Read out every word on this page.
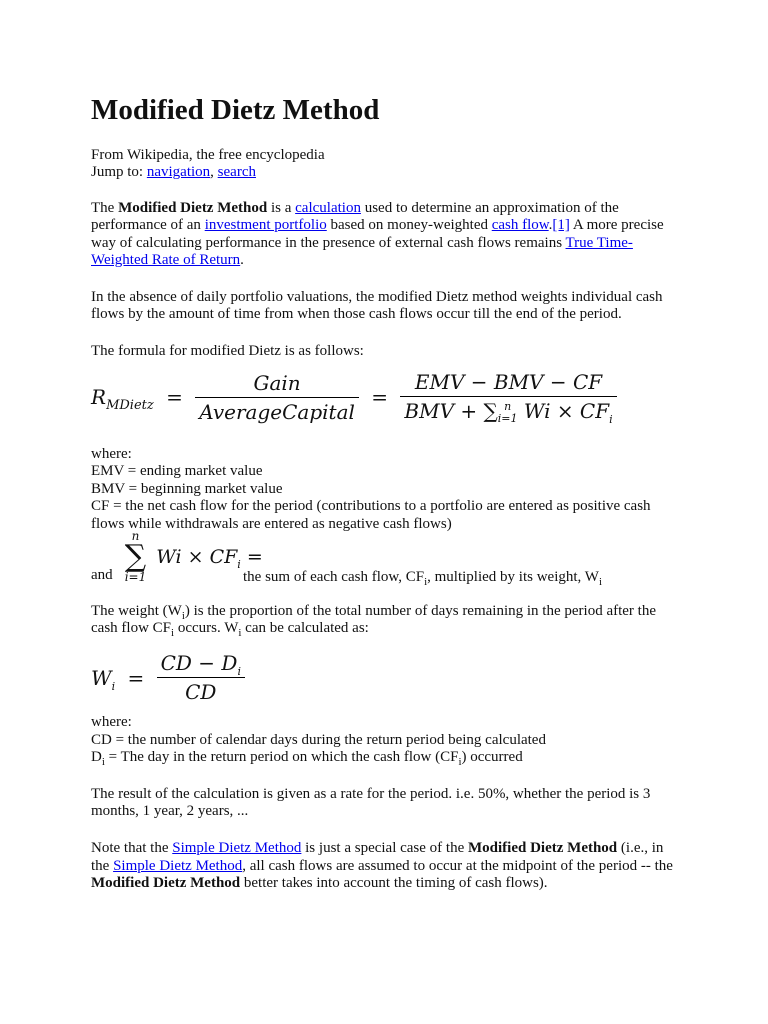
Modified Dietz Method

From Wikipedia, the free encyclopedia

Jump to: navigation, search

The Modified Dietz Method is a calculation used to determine an approximation of the

performance of an investment portfolio based on money-weighted cash flow.[1] A more precise

way of calculating performance in the presence of external cash flows remains True Time-

Weighted Rate of Return.

In the absence of daily portfolio valuations, the modified Dietz method weights individual cash

flows by the amount of time from when those cash flows occur till the end of the period.

The formula for modified Dietz is as follows:

$R_{MDietz} = \frac{\text{Gain}}{\text{AverageCapital}}$ = EMV − BMV − CF
BMV + ∑ n
i=1 $Wi \times CF_i$

where:

EMV = ending market value

BMV = beginning market value

CF = the net cash flow for the period (contributions to a portfolio are entered as positive cash

flows while withdrawals are entered as negative cash flows)

and
n
∑
i=1
$Wi \times CF_i$ =

the sum of each cash flow, $CF_i$, multiplied by its weight, $W_i$

The weight $(W_i)$ is the proportion of the total number of days remaining in the period after the

cash flow $CF_i$ occurs. $W_i$ can be calculated as:

$W_i = \frac{CD - D_i}{CD}$

where:

CD = the number of calendar days during the return period being calculated

$D_i$ = The day in the return period on which the cash flow $(CF_i)$ occurred

The result of the calculation is given as a rate for the period. i.e. 50%, whether the period is 3

months, 1 year, 2 years, ...

Note that the Simple Dietz Method is just a special case of the Modified Dietz Method (i.e., in

the Simple Dietz Method, all cash flows are assumed to occur at the midpoint of the period -- the

Modified Dietz Method better takes into account the timing of cash flows).
